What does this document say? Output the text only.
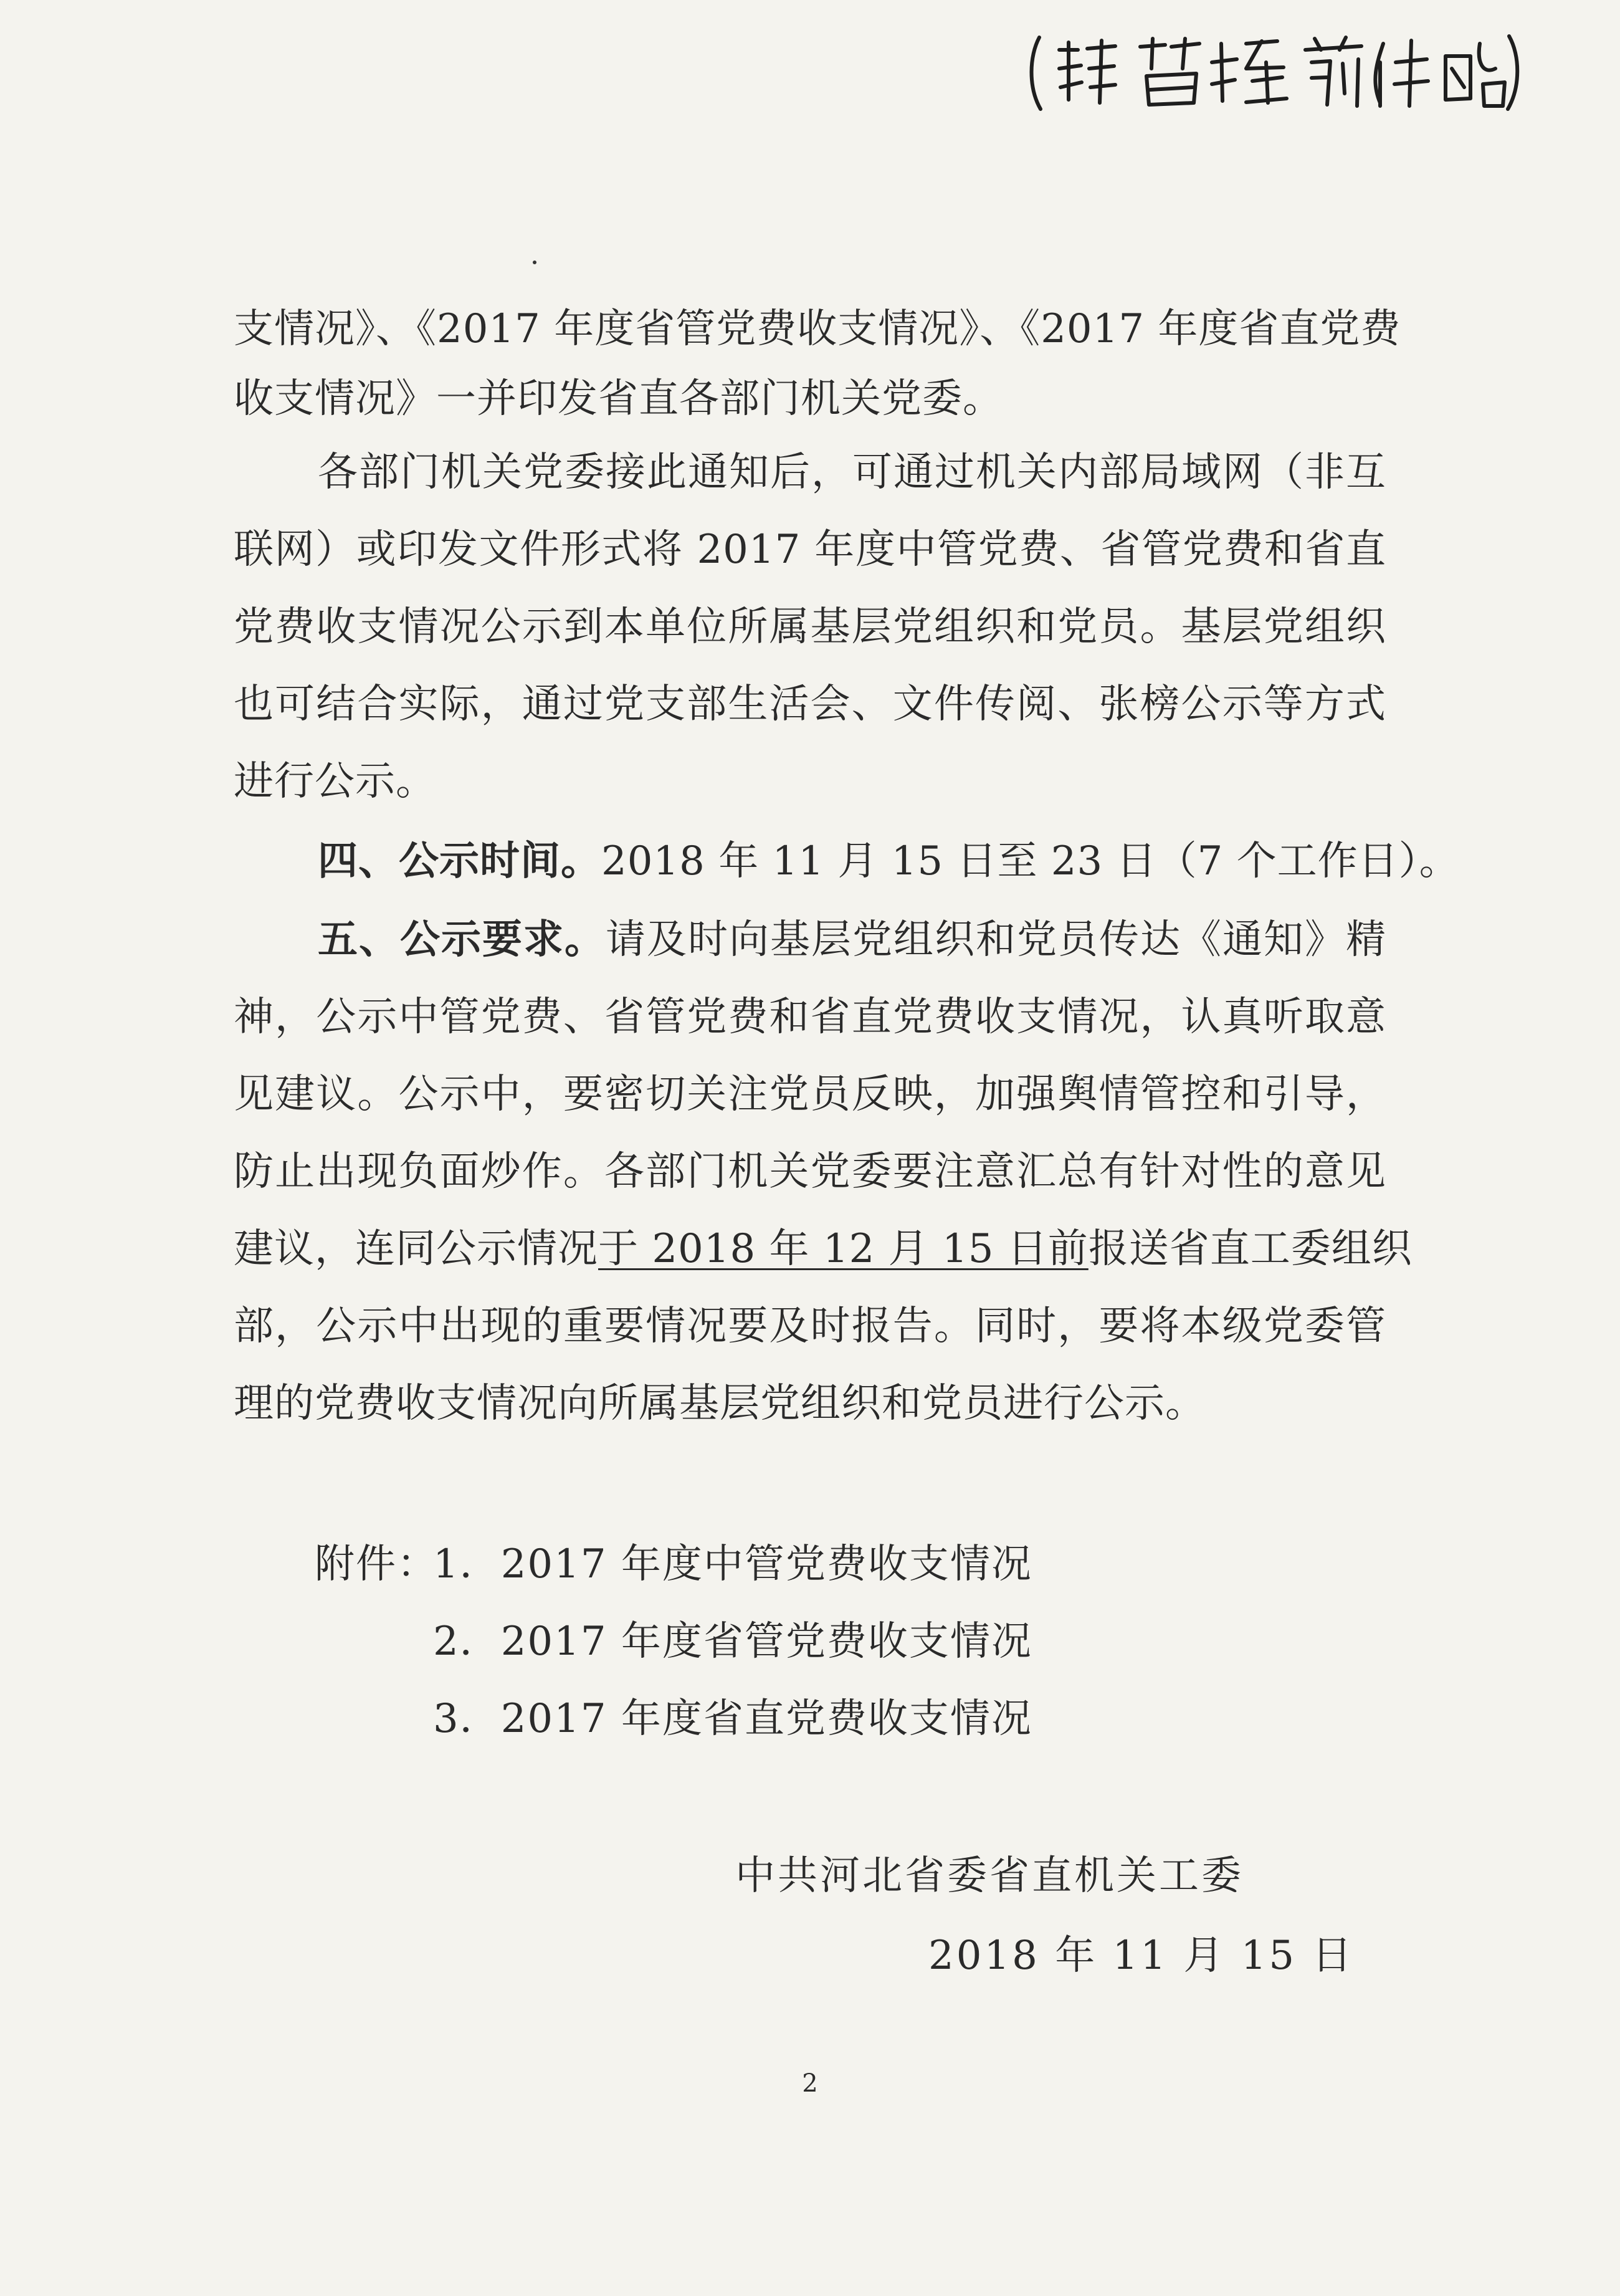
支情况》、《2017 年度省管党费收支情况》、《2017 年度省直党费
收支情况》一并印发省直各部门机关党委。
各部门机关党委接此通知后，可通过机关内部局域网（非互
联网）或印发文件形式将 2017 年度中管党费、省管党费和省直
党费收支情况公示到本单位所属基层党组织和党员。基层党组织
也可结合实际，通过党支部生活会、文件传阅、张榜公示等方式
进行公示。
四、公示时间。2018 年 11 月 15 日至 23 日（7 个工作日）。
五、公示要求。请及时向基层党组织和党员传达《通知》精
神，公示中管党费、省管党费和省直党费收支情况，认真听取意
见建议。公示中，要密切关注党员反映，加强舆情管控和引导，
防止出现负面炒作。各部门机关党委要注意汇总有针对性的意见
建议，连同公示情况于 2018 年 12 月 15 日前报送省直工委组织
部，公示中出现的重要情况要及时报告。同时，要将本级党委管
理的党费收支情况向所属基层党组织和党员进行公示。
附件：
1．2017 年度中管党费收支情况
2．2017 年度省管党费收支情况
3．2017 年度省直党费收支情况
中共河北省委省直机关工委
2018 年 11 月 15 日
2
